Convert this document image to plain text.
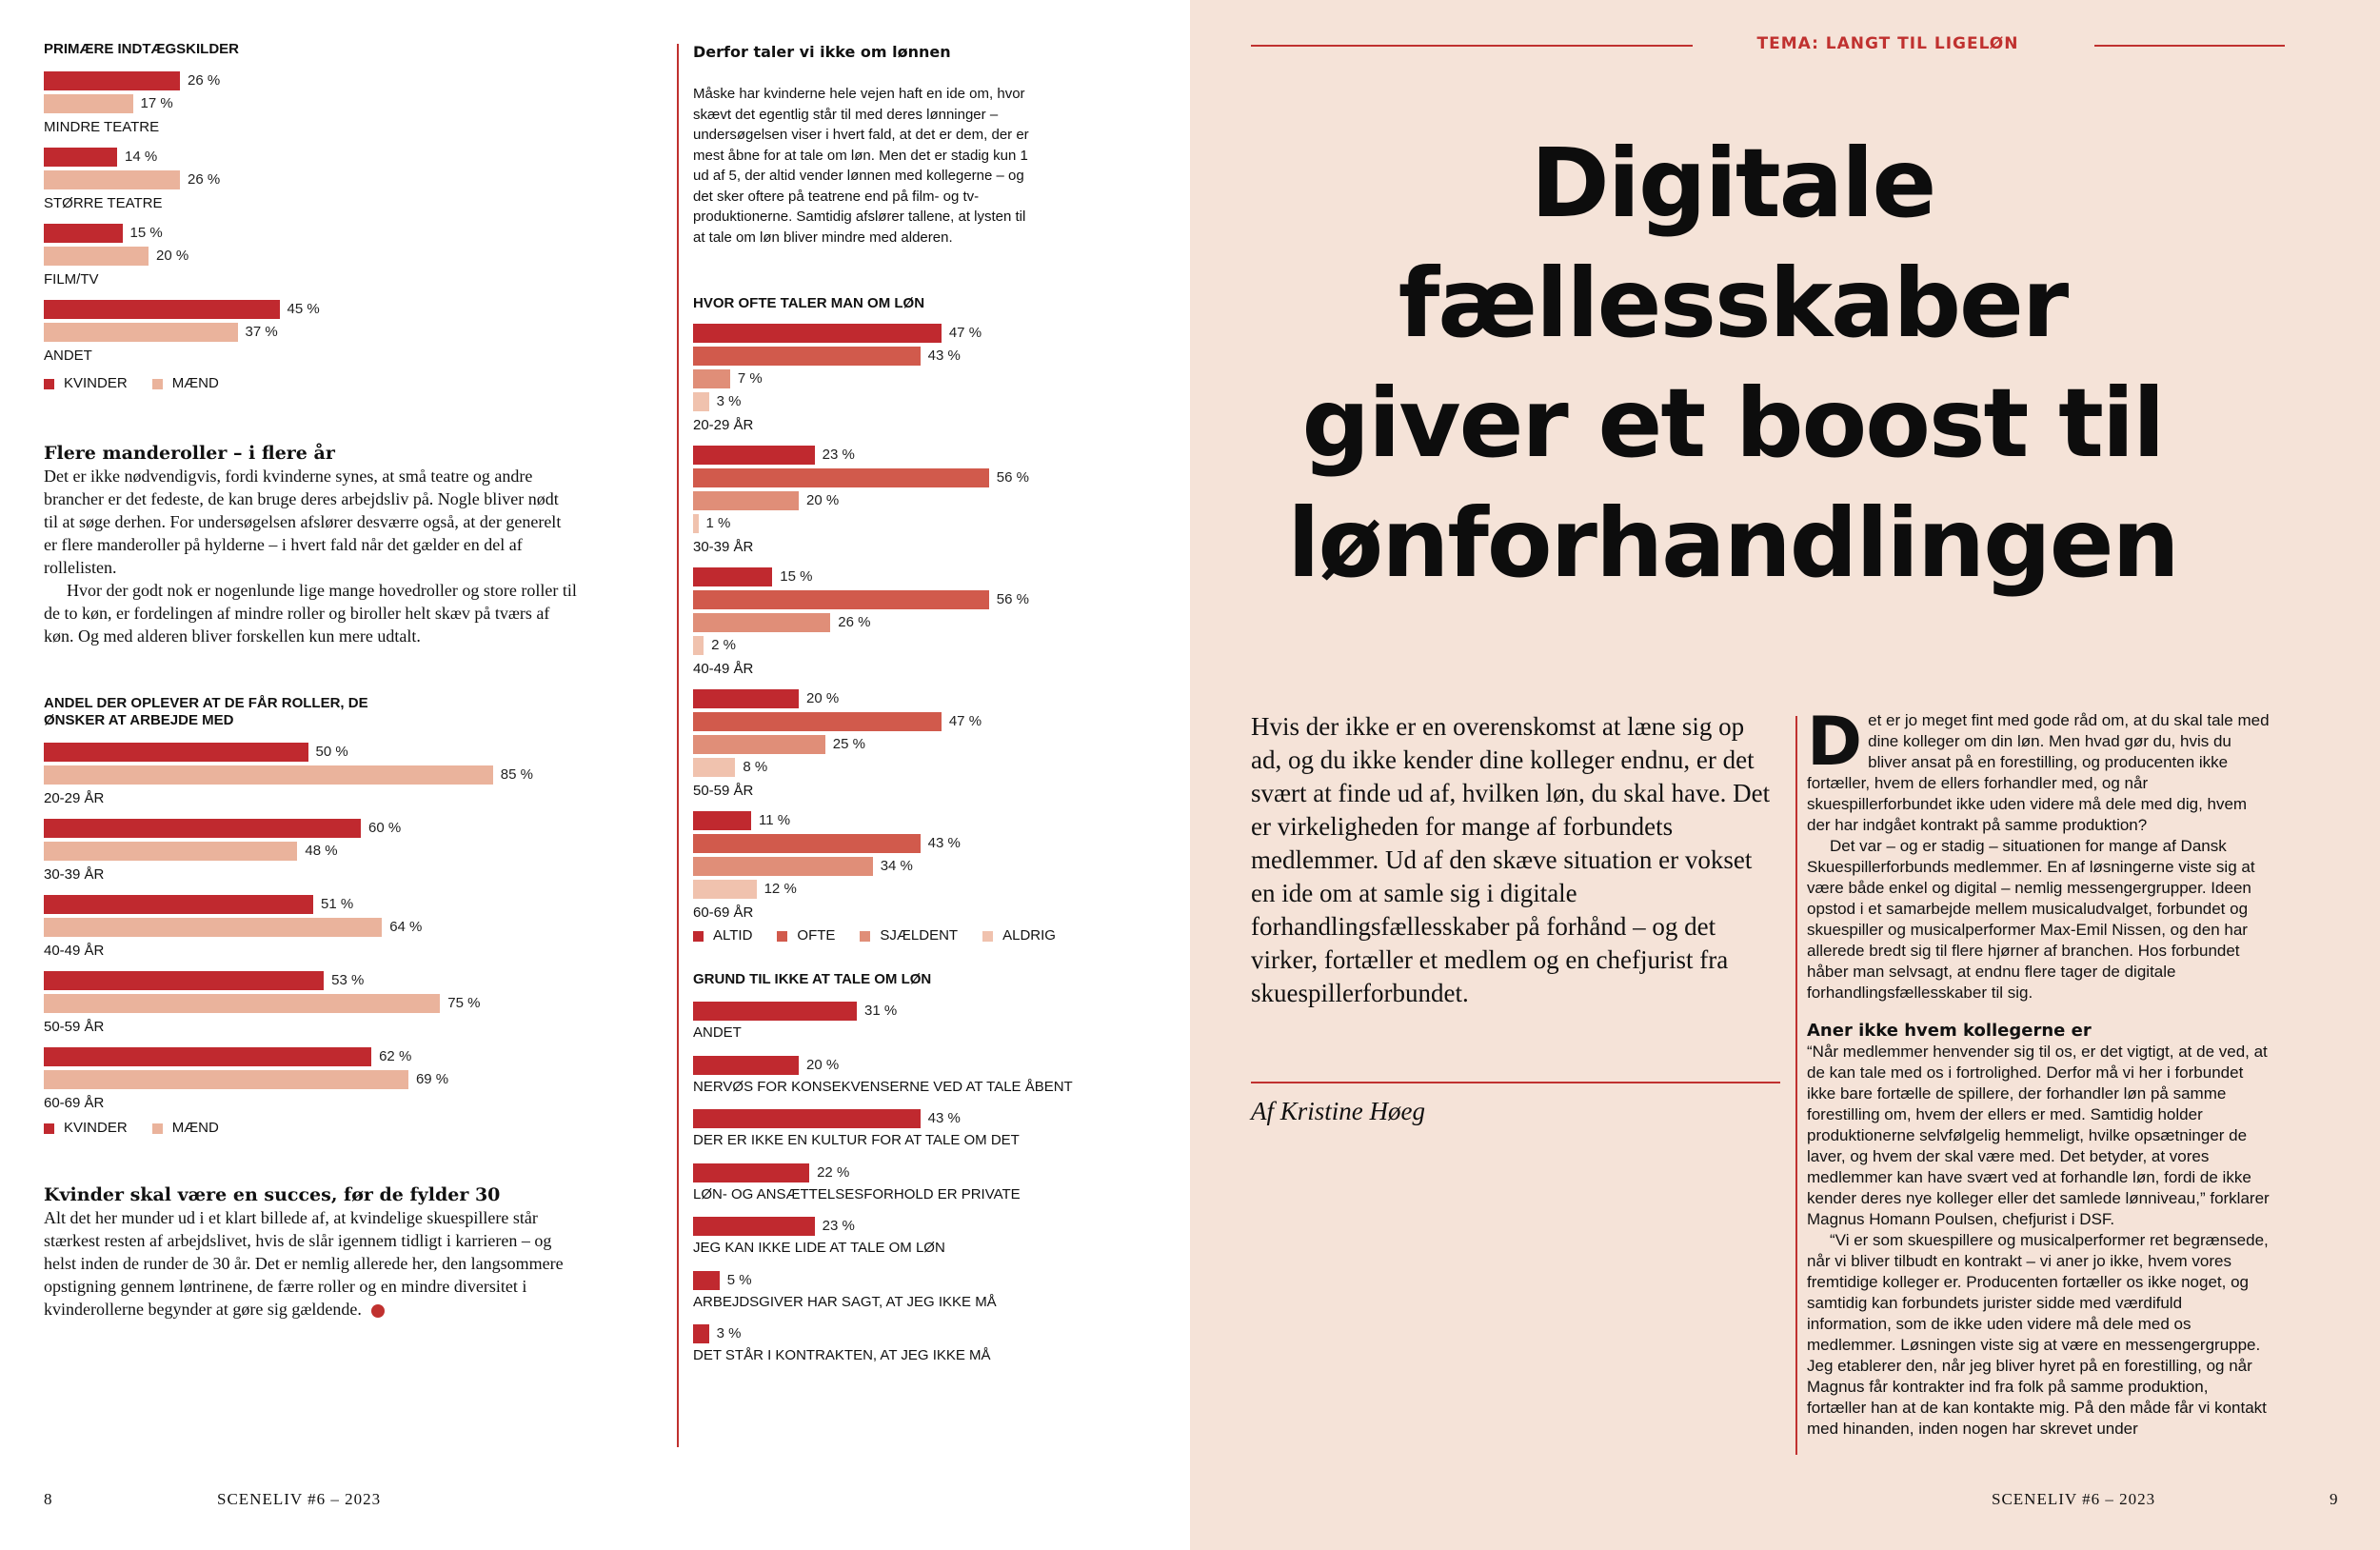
PRIMÆRE INDTÆGSKILDER
26 %
17 %
MINDRE TEATRE
14 %
26 %
STØRRE TEATRE
15 %
20 %
FILM/TV
45 %
37 %
ANDET
KVINDER	MÆND
Flere manderoller – i flere år

Det er ikke nødvendigvis, fordi kvinderne synes, at små teatre og andre brancher er det fedeste, de kan bruge deres arbejdsliv på. Nogle bliver nødt til at søge derhen. For undersøgelsen afslører desværre også, at der generelt er flere manderoller på hylderne – i hvert fald når det gælder en del af rollelisten.

Hvor der godt nok er nogenlunde lige mange hovedroller og store roller til de to køn, er fordelingen af mindre roller og biroller helt skæv på tværs af køn. Og med alderen bliver forskellen kun mere udtalt.

ANDEL DER OPLEVER AT DE FÅR ROLLER, DE ØNSKER AT ARBEJDE MED
50 %
85 %
20-29 ÅR
60 %
48 %
30-39 ÅR
51 %
64 %
40-49 ÅR
53 %
75 %
50-59 ÅR
62 %
69 %
60-69 ÅR
KVINDER	MÆND
Kvinder skal være en succes, før de fylder 30

Alt det her munder ud i et klart billede af, at kvindelige skuespillere står stærkest resten af arbejdslivet, hvis de slår igennem tidligt i karrieren – og helst inden de runder de 30 år. Det er nemlig allerede her, den langsommere opstigning gennem løntrinene, de færre roller og en mindre diversitet i kvinderollerne begynder at gøre sig gældende.

Derfor taler vi ikke om lønnen

Måske har kvinderne hele vejen haft en ide om, hvor skævt det egentlig står til med deres lønninger – undersøgelsen viser i hvert fald, at det er dem, der er mest åbne for at tale om løn. Men det er stadig kun 1 ud af 5, der altid vender lønnen med kollegerne – og det sker oftere på teatrene end på film- og tv-produktionerne. Samtidig afslører tallene, at lysten til at tale om løn bliver mindre med alderen.

HVOR OFTE TALER MAN OM LØN
47 %
43 %
7 %
3 %
20-29 ÅR
23 %
56 %
20 %
1 %
30-39 ÅR
15 %
56 %
26 %
2 %
40-49 ÅR
20 %
47 %
25 %
8 %
50-59 ÅR
11 %
43 %
34 %
12 %
60-69 ÅR
ALTID	OFTE	SJÆLDENT	ALDRIG
GRUND TIL IKKE AT TALE OM LØN
31 %
ANDET
20 %
NERVØS FOR KONSEKVENSERNE VED AT TALE ÅBENT
43 %
DER ER IKKE EN KULTUR FOR AT TALE OM DET
22 %
LØN- OG ANSÆTTELSESFORHOLD ER PRIVATE
23 %
JEG KAN IKKE LIDE AT TALE OM LØN
5 %
ARBEJDSGIVER HAR SAGT, AT JEG IKKE MÅ
3 %
DET STÅR I KONTRAKTEN, AT JEG IKKE MÅ
8	SCENELIV #6 – 2023
TEMA: LANGT TIL LIGELØN
Digitale
fællesskaber
giver et boost til
lønforhandlingen

Hvis der ikke er en overenskomst at læne sig op ad, og du ikke kender dine kolleger endnu, er det svært at finde ud af, hvilken løn, du skal have. Det er virkeligheden for mange af forbundets medlemmer. Ud af den skæve situation er vokset en ide om at samle sig i digitale forhandlingsfællesskaber på forhånd – og det virker, fortæller et medlem og en chefjurist fra skuespillerforbundet.

Af Kristine Høeg

Det er jo meget fint med gode råd om, at du skal tale med dine kolleger om din løn. Men hvad gør du, hvis du bliver ansat på en forestilling, og producenten ikke fortæller, hvem de ellers forhandler med, og når skuespillerforbundet ikke uden videre må dele med dig, hvem der har indgået kontrakt på samme produktion?

Det var – og er stadig – situationen for mange af Dansk Skuespillerforbunds medlemmer. En af løsningerne viste sig at være både enkel og digital – nemlig messengergrupper. Ideen opstod i et samarbejde mellem musicaludvalget, forbundet og skuespiller og musicalperformer Max-Emil Nissen, og den har allerede bredt sig til flere hjørner af branchen. Hos forbundet håber man selvsagt, at endnu flere tager de digitale forhandlingsfællesskaber til sig.

Aner ikke hvem kollegerne er

“Når medlemmer henvender sig til os, er det vigtigt, at de ved, at de kan tale med os i fortrolighed. Derfor må vi her i forbundet ikke bare fortælle de spillere, der forhandler løn på samme forestilling om, hvem der ellers er med. Samtidig holder produktionerne selvfølgelig hemmeligt, hvilke opsætninger de laver, og hvem der skal være med. Det betyder, at vores medlemmer kan have svært ved at forhandle løn, fordi de ikke kender deres nye kolleger eller det samlede lønniveau,” forklarer Magnus Homann Poulsen, chefjurist i DSF.

“Vi er som skuespillere og musicalperformer ret begrænsede, når vi bliver tilbudt en kontrakt – vi aner jo ikke, hvem vores fremtidige kolleger er. Producenten fortæller os ikke noget, og samtidig kan forbundets jurister sidde med værdifuld information, som de ikke uden videre må dele med os medlemmer. Løsningen viste sig at være en messengergruppe. Jeg etablerer den, når jeg bliver hyret på en forestilling, og når Magnus får kontrakter ind fra folk på samme produktion, fortæller han at de kan kontakte mig. På den måde får vi kontakt med hinanden, inden nogen har skrevet under

SCENELIV #6 – 2023	9
